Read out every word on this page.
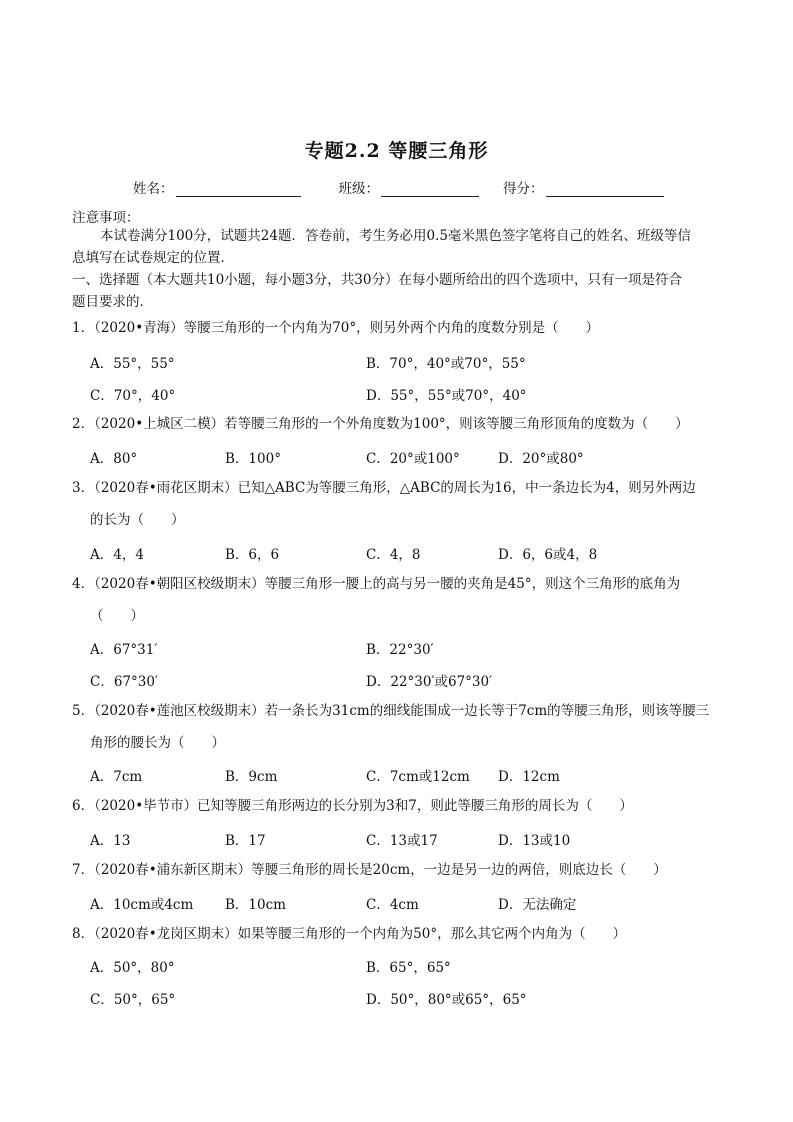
专题2.2 等腰三角形
姓名：	班级：	得分：
注意事项：
本试卷满分100分，试题共24题．答卷前，考生务必用0.5毫米黑色签字笔将自己的姓名、班级等信
息填写在试卷规定的位置．
一、选择题（本大题共10小题，每小题3分，共30分）在每小题所给出的四个选项中，只有一项是符合
题目要求的．
1．（2020•青海）等腰三角形的一个内角为70°，则另外两个内角的度数分别是（　　）
A．55°，55°	B．70°，40°或70°，55°
C．70°，40°	D．55°，55°或70°，40°
2．（2020•上城区二模）若等腰三角形的一个外角度数为100°，则该等腰三角形顶角的度数为（　　）
A．80°	B．100°	C．20°或100°	D．20°或80°
3．（2020春•雨花区期末）已知△ABC为等腰三角形，△ABC的周长为16，中一条边长为4，则另外两边
的长为（　　）
A．4，4	B．6，6	C．4，8	D．6，6或4，8
4．（2020春•朝阳区校级期末）等腰三角形一腰上的高与另一腰的夹角是45°，则这个三角形的底角为
（　　）
A．67°31′	B．22°30′
C．67°30′	D．22°30′或67°30′
5．（2020春•莲池区校级期末）若一条长为31cm的细线能围成一边长等于7cm的等腰三角形，则该等腰三
角形的腰长为（　　）
A．7cm	B．9cm	C．7cm或12cm D．12cm
6．（2020•毕节市）已知等腰三角形两边的长分别为3和7，则此等腰三角形的周长为（　　）
A．13	B．17	C．13或17	D．13或10
7．（2020春•浦东新区期末）等腰三角形的周长是20cm，一边是另一边的两倍，则底边长（　　）
A．10cm或4cm B．10cm	C．4cm	D．无法确定
8．（2020春•龙岗区期末）如果等腰三角形的一个内角为50°，那么其它两个内角为（　　）
A．50°，80°	B．65°，65°
C．50°，65°	D．50°，80°或65°，65°
